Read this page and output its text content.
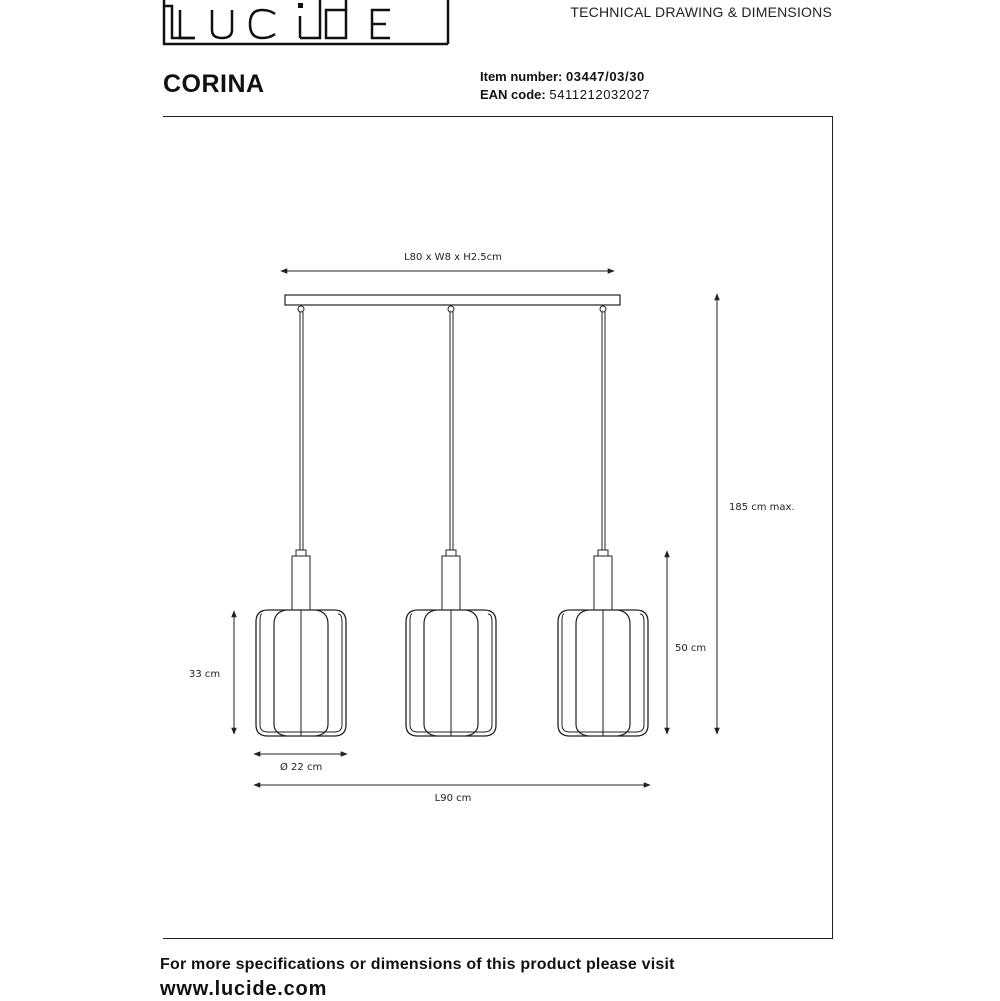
TECHNICAL DRAWING & DIMENSIONS
CORINA	Item number: 03447/03/30
EAN code: 5411212032027
L80 x W8 x H2.5cm
185 cm max.
50 cm
33 cm
Ø 22 cm
L90 cm
For more specifications or dimensions of this product please visit
www.lucide.com
